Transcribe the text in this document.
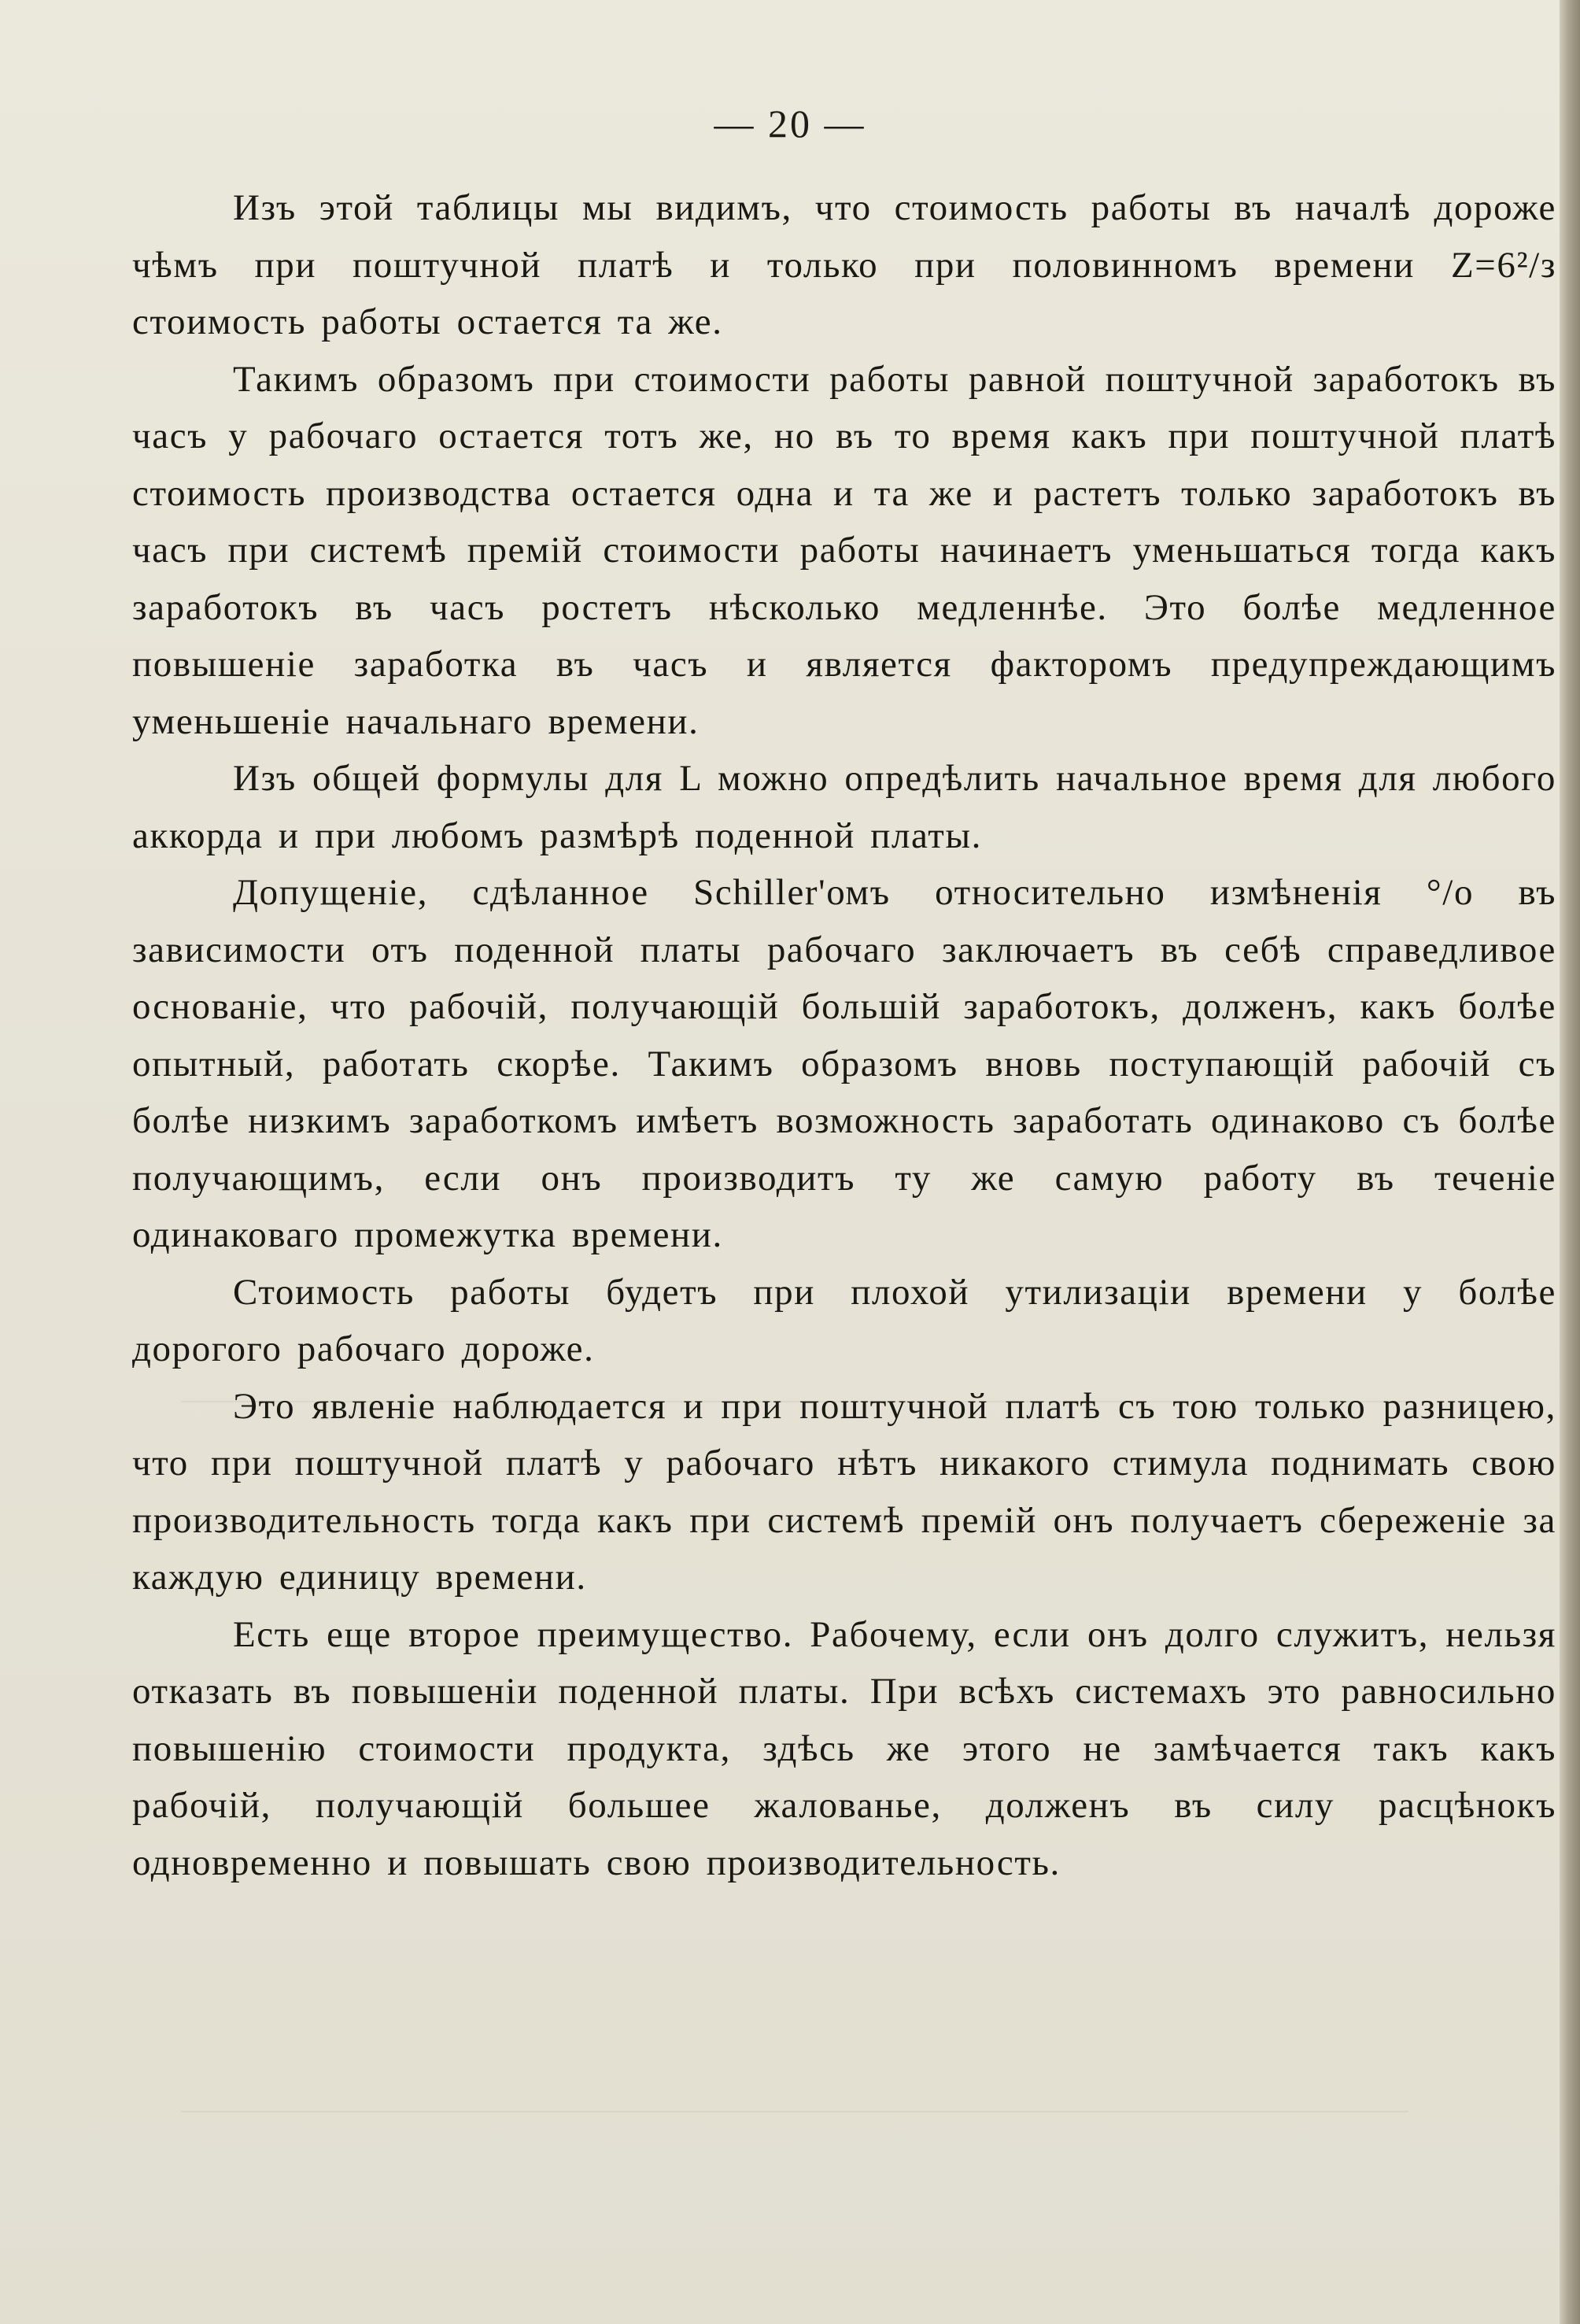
— 20 —

Изъ этой таблицы мы видимъ, что стоимость работы въ началѣ дороже чѣмъ при поштучной платѣ и только при половинномъ времени Z=6²/з стоимость работы остается та же.

Такимъ образомъ при стоимости работы равной поштучной заработокъ въ часъ у рабочаго остается тотъ же, но въ то время какъ при поштучной платѣ стоимость производства остается одна и та же и растетъ только заработокъ въ часъ при системѣ премій стоимости работы начинаетъ уменьшаться тогда какъ заработокъ въ часъ ростетъ нѣсколько медленнѣе. Это болѣе медленное повышеніе заработка въ часъ и является факторомъ предупреждающимъ уменьшеніе начальнаго времени.

Изъ общей формулы для L можно опредѣлить начальное время для любого аккорда и при любомъ размѣрѣ поденной платы.

Допущеніе, сдѣланное Schiller'омъ относительно измѣненія °/о въ зависимости отъ поденной платы рабочаго заключаетъ въ себѣ справедливое основаніе, что рабочій, получающій большій заработокъ, долженъ, какъ болѣе опытный, работать скорѣе. Такимъ образомъ вновь поступающій рабочій съ болѣе низкимъ заработкомъ имѣетъ возможность заработать одинаково съ болѣе получающимъ, если онъ производитъ ту же самую работу въ теченіе одинаковаго промежутка времени.

Стоимость работы будетъ при плохой утилизаціи времени у болѣе дорогого рабочаго дороже.

Это явленіе наблюдается и при поштучной платѣ съ тою только разницею, что при поштучной платѣ у рабочаго нѣтъ никакого стимула поднимать свою производительность тогда какъ при системѣ премій онъ получаетъ сбереженіе за каждую единицу времени.

Есть еще второе преимущество. Рабочему, если онъ долго служитъ, нельзя отказать въ повышеніи поденной платы. При всѣхъ системахъ это равносильно повышенію стоимости продукта, здѣсь же этого не замѣчается такъ какъ рабочій, получающій большее жалованье, долженъ въ силу расцѣнокъ одновременно и повышать свою производительность.
